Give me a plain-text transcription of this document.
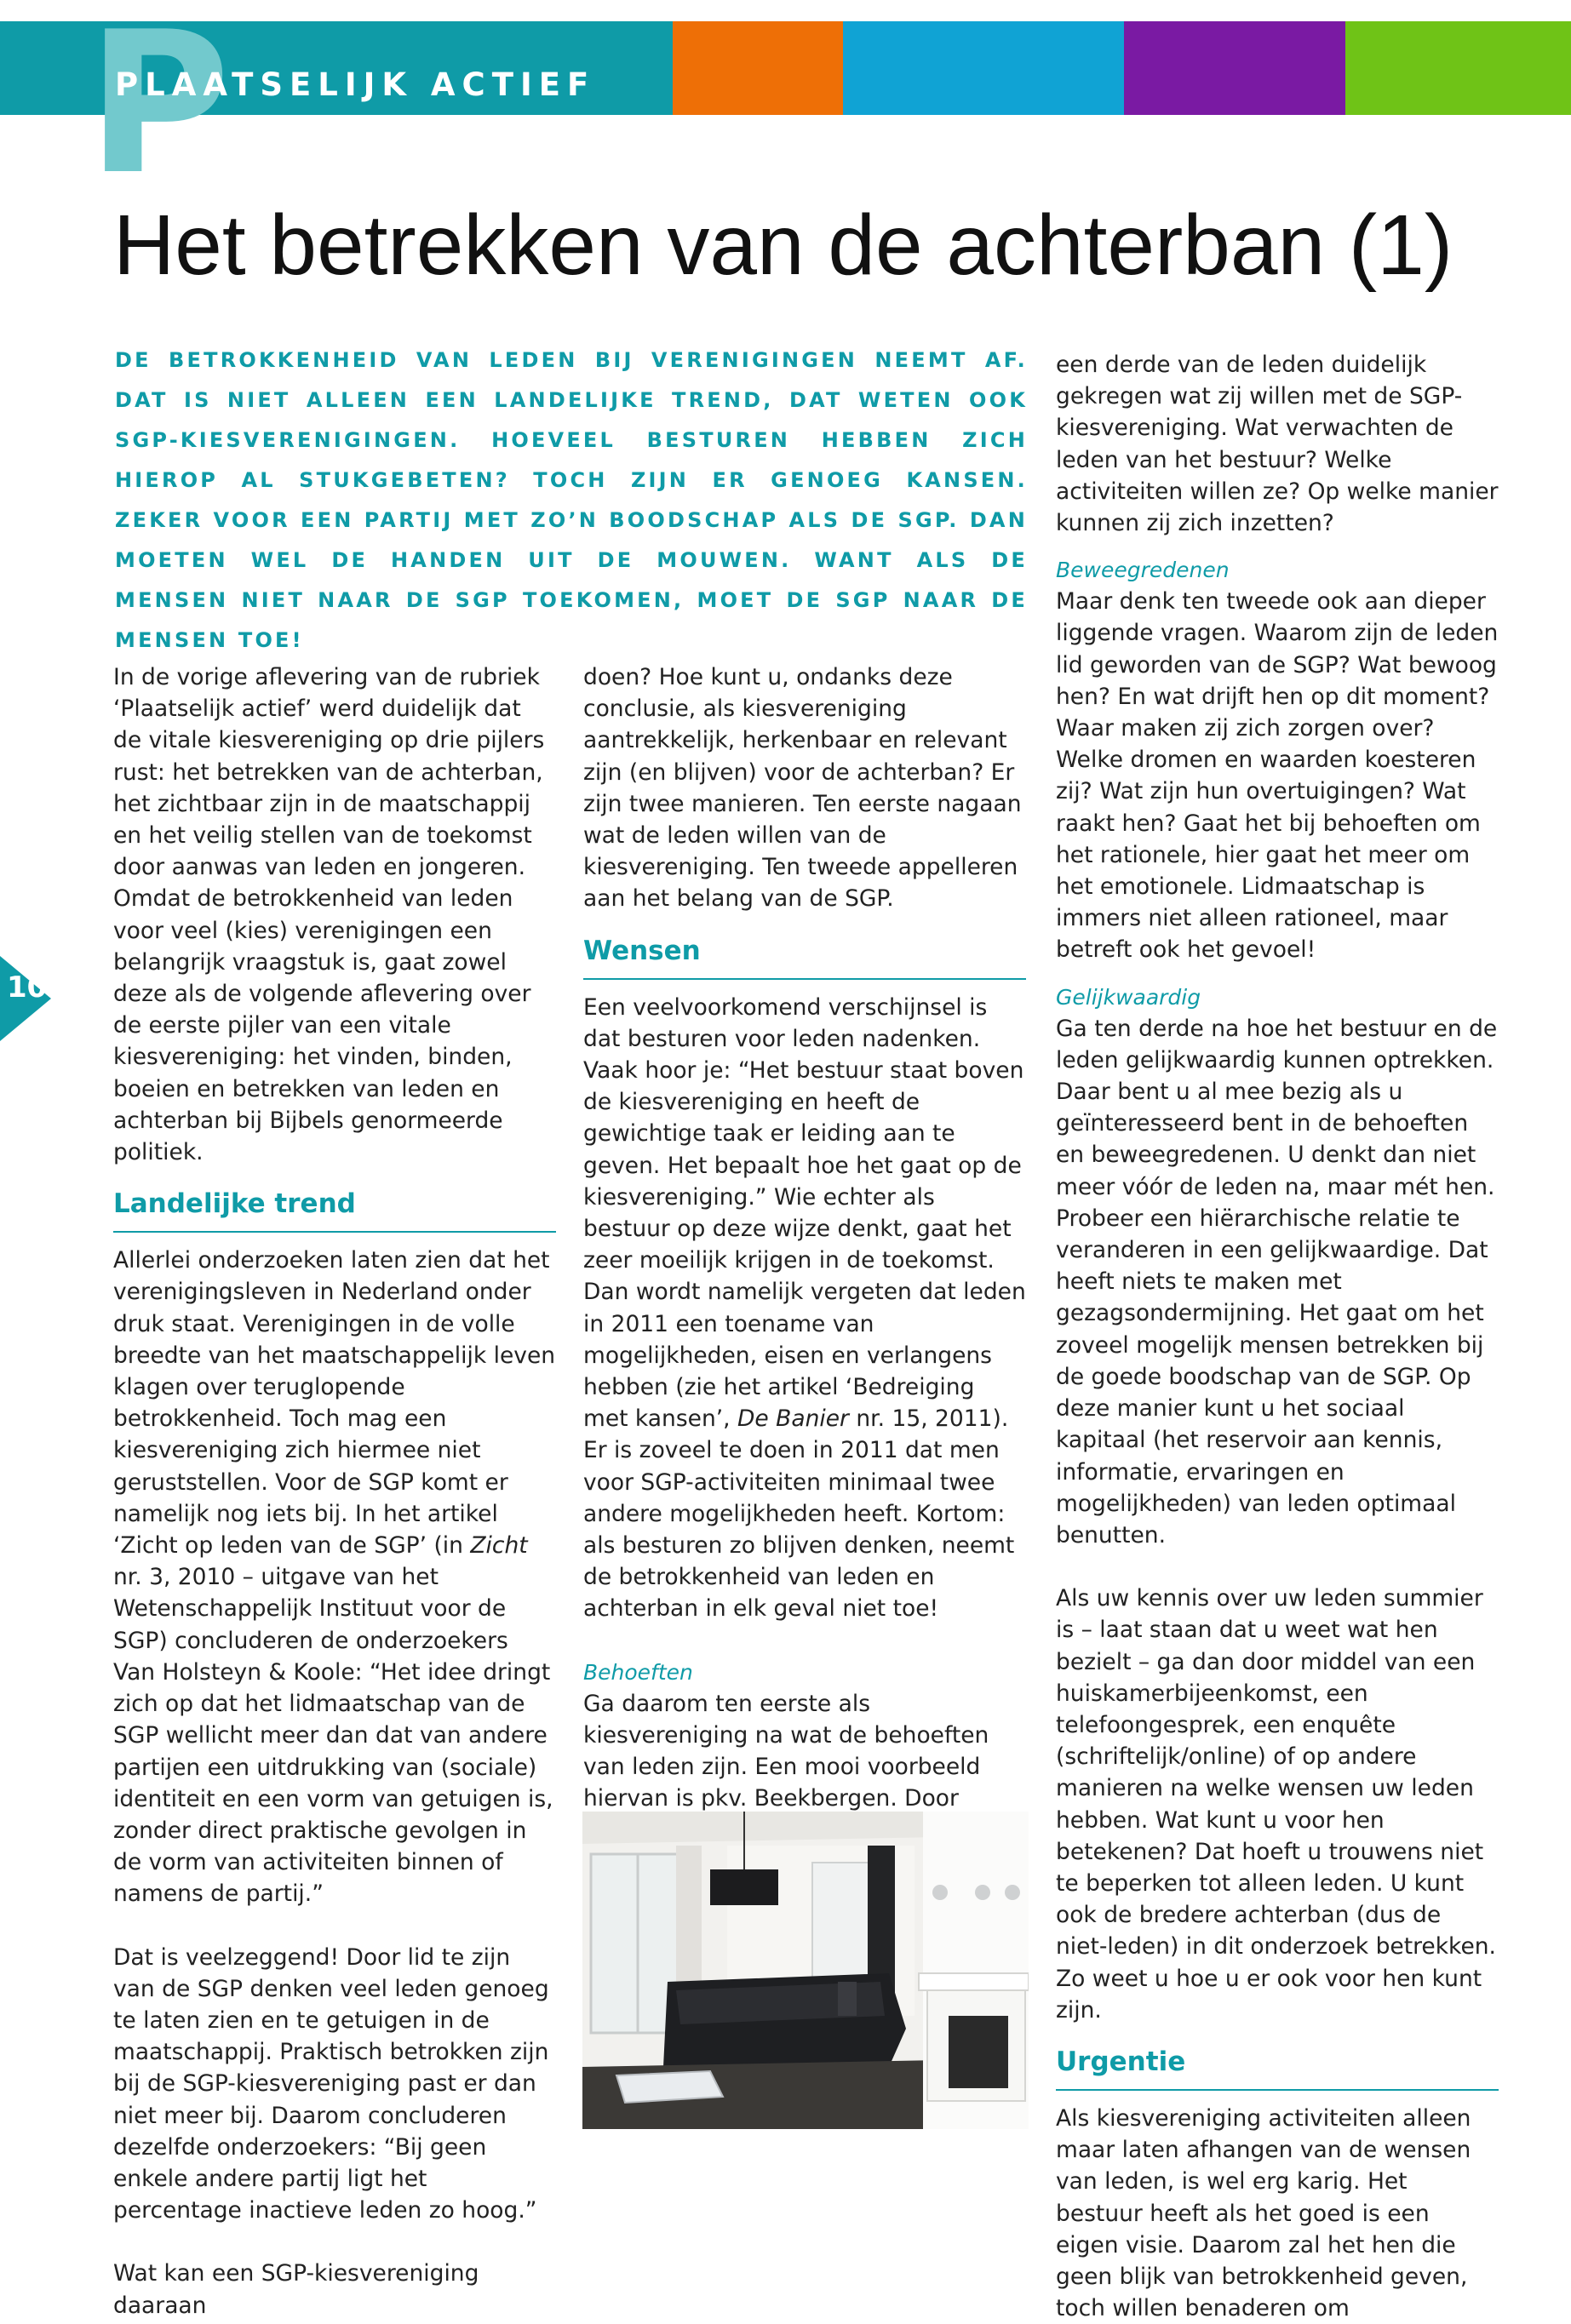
P
PLAATSELIJK ACTIEF
Het betrekken van de achterban (1)
DE BETROKKENHEID VAN LEDEN BIJ VERENIGINGEN NEEMT AF. DAT IS NIET ALLEEN EEN LANDELIJKE TREND, DAT WETEN OOK SGP-KIESVERENIGINGEN. HOEVEEL BESTUREN HEBBEN ZICH HIEROP AL STUKGEBETEN? TOCH ZIJN ER GENOEG KANSEN. ZEKER VOOR EEN PARTIJ MET ZO’N BOODSCHAP ALS DE SGP. DAN MOETEN WEL DE HANDEN UIT DE MOUWEN. WANT ALS DE MENSEN NIET NAAR DE SGP TOEKOMEN, MOET DE SGP NAAR DE MENSEN TOE!
10

In de vorige aflevering van de rubriek ‘Plaatselijk actief’ werd duidelijk dat de vitale kiesvereniging op drie pijlers rust: het betrekken van de achterban, het zichtbaar zijn in de maatschappij en het veilig stellen van de toekomst door aanwas van leden en jongeren. Omdat de betrokkenheid van leden voor veel (kies) verenigingen een belangrijk vraagstuk is, gaat zowel deze als de volgende aflevering over de eerste pijler van een vitale kiesvereniging: het vinden, binden, boeien en betrekken van leden en achterban bij Bijbels genormeerde politiek.

Landelijke trend

Allerlei onderzoeken laten zien dat het verenigingsleven in Nederland onder druk staat. Verenigingen in de volle breedte van het maatschappelijk leven klagen over teruglopende betrokkenheid. Toch mag een kiesvereniging zich hiermee niet geruststellen. Voor de SGP komt er namelijk nog iets bij. In het artikel ‘Zicht op leden van de SGP’ (in Zicht nr. 3, 2010 – uitgave van het Wetenschappelijk Instituut voor de SGP) concluderen de onderzoekers Van Holsteyn & Koole: “Het idee dringt zich op dat het lidmaatschap van de SGP wellicht meer dan dat van andere partijen een uitdrukking van (sociale) identiteit en een vorm van getuigen is, zonder direct praktische gevolgen in de vorm van activiteiten binnen of namens de partij.”

Dat is veelzeggend! Door lid te zijn van de SGP denken veel leden genoeg te laten zien en te getuigen in de maatschappij. Praktisch betrokken zijn bij de SGP-kiesvereniging past er dan niet meer bij. Daarom concluderen dezelfde onderzoekers: “Bij geen enkele andere partij ligt het percentage inactieve leden zo hoog.”

Wat kan een SGP-kiesvereniging daaraan

doen? Hoe kunt u, ondanks deze conclusie, als kiesvereniging aantrekkelijk, herkenbaar en relevant zijn (en blijven) voor de achterban? Er zijn twee manieren. Ten eerste nagaan wat de leden willen van de kiesvereniging. Ten tweede appelleren aan het belang van de SGP.

Wensen

Een veelvoorkomend verschijnsel is dat besturen voor leden nadenken. Vaak hoor je: “Het bestuur staat boven de kiesvereniging en heeft de gewichtige taak er leiding aan te geven. Het bepaalt hoe het gaat op de kiesvereniging.” Wie echter als bestuur op deze wijze denkt, gaat het zeer moeilijk krijgen in de toekomst. Dan wordt namelijk vergeten dat leden in 2011 een toename van mogelijkheden, eisen en verlangens hebben (zie het artikel ‘Bedreiging met kansen’, De Banier nr. 15, 2011). Er is zoveel te doen in 2011 dat men voor SGP-activiteiten minimaal twee andere mogelijkheden heeft. Kortom: als besturen zo blijven denken, neemt de betrokkenheid van leden en achterban in elk geval niet toe!

Behoeften

Ga daarom ten eerste als kiesvereniging na wat de behoeften van leden zijn. Een mooi voorbeeld hiervan is pkv. Beekbergen. Door

een derde van de leden duidelijk gekregen wat zij willen met de SGP-kiesvereniging. Wat verwachten de leden van het bestuur? Welke activiteiten willen ze? Op welke manier kunnen zij zich inzetten?

Beweegredenen

Maar denk ten tweede ook aan dieper liggende vragen. Waarom zijn de leden lid geworden van de SGP? Wat bewoog hen? En wat drijft hen op dit moment? Waar maken zij zich zorgen over? Welke dromen en waarden koesteren zij? Wat zijn hun overtuigingen? Wat raakt hen? Gaat het bij behoeften om het rationele, hier gaat het meer om het emotionele. Lidmaatschap is immers niet alleen rationeel, maar betreft ook het gevoel!

Gelijkwaardig

Ga ten derde na hoe het bestuur en de leden gelijkwaardig kunnen optrekken. Daar bent u al mee bezig als u geïnteresseerd bent in de behoeften en beweegredenen. U denkt dan niet meer vóór de leden na, maar mét hen. Probeer een hiërarchische relatie te veranderen in een gelijkwaardige. Dat heeft niets te maken met gezagsondermijning. Het gaat om het zoveel mogelijk mensen betrekken bij de goede boodschap van de SGP. Op deze manier kunt u het sociaal kapitaal (het reservoir aan kennis, informatie, ervaringen en mogelijkheden) van leden optimaal benutten.

Als uw kennis over uw leden summier is – laat staan dat u weet wat hen bezielt – ga dan door middel van een huiskamerbijeenkomst, een telefoongesprek, een enquête (schriftelijk/online) of op andere manieren na welke wensen uw leden hebben. Wat kunt u voor hen betekenen? Dat hoeft u trouwens niet te beperken tot alleen leden. U kunt ook de bredere achterban (dus de niet-leden) in dit onderzoek betrekken. Zo weet u hoe u er ook voor hen kunt zijn.

Urgentie

Als kiesvereniging activiteiten alleen maar laten afhangen van de wensen van leden, is wel erg karig. Het bestuur heeft als het goed is een eigen visie. Daarom zal het hen die geen blijk van betrokkenheid geven, toch willen benaderen om
